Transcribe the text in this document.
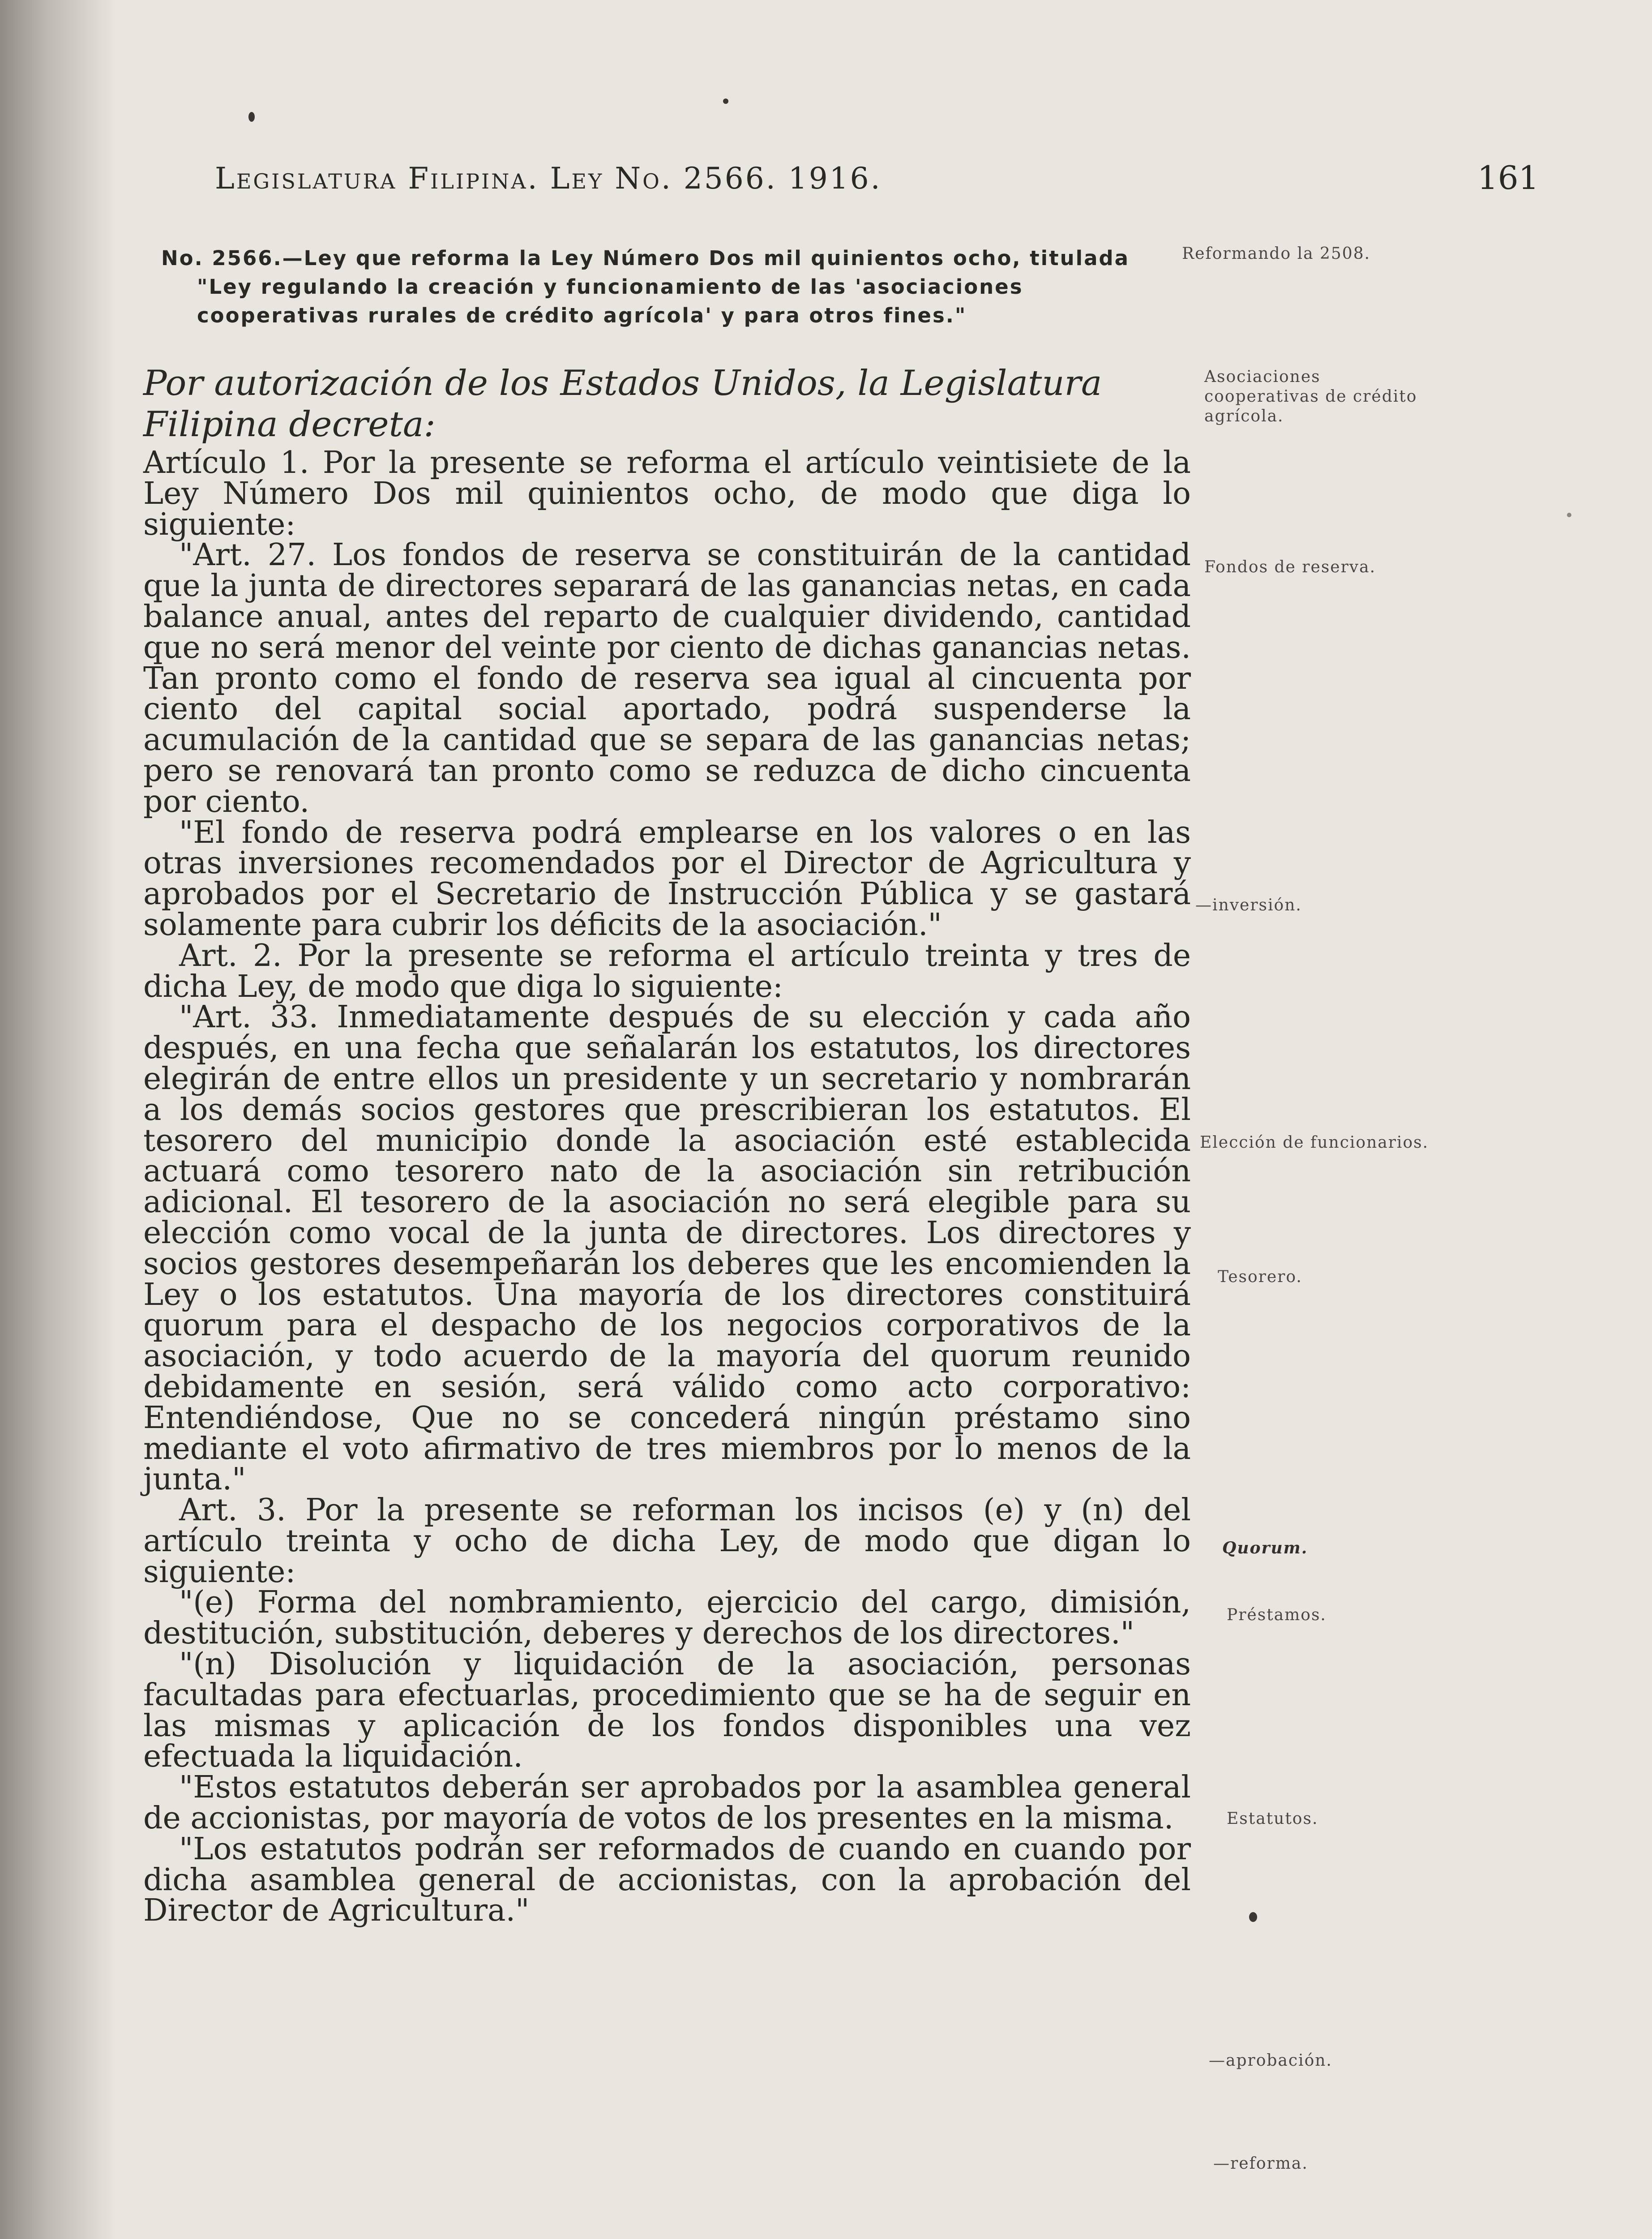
Legislatura Filipina. Ley No. 2566. 1916.	161
No. 2566.—Ley que reforma la Ley Número Dos mil quinientos ocho, titulada "Ley regulando la creación y funcionamiento de las 'asociaciones cooperativas rurales de crédito agrícola' y para otros fines."
Por autorización de los Estados Unidos, la Legislatura Filipina decreta:

Artículo 1. Por la presente se reforma el artículo veintisiete de la Ley Número Dos mil quinientos ocho, de modo que diga lo siguiente:

"Art. 27. Los fondos de reserva se constituirán de la cantidad que la junta de directores separará de las ganancias netas, en cada balance anual, antes del reparto de cualquier dividendo, cantidad que no será menor del veinte por ciento de dichas ganancias netas. Tan pronto como el fondo de reserva sea igual al cincuenta por ciento del capital social aportado, podrá suspenderse la acumulación de la cantidad que se separa de las ganancias netas; pero se renovará tan pronto como se reduzca de dicho cincuenta por ciento.

"El fondo de reserva podrá emplearse en los valores o en las otras inversiones recomendados por el Director de Agricultura y aprobados por el Secretario de Instrucción Pública y se gastará solamente para cubrir los déficits de la asociación."

Art. 2. Por la presente se reforma el artículo treinta y tres de dicha Ley, de modo que diga lo siguiente:

"Art. 33. Inmediatamente después de su elección y cada año después, en una fecha que señalarán los estatutos, los directores elegirán de entre ellos un presidente y un secretario y nombrarán a los demás socios gestores que prescribieran los estatutos. El tesorero del municipio donde la asociación esté establecida actuará como tesorero nato de la asociación sin retribución adicional. El tesorero de la asociación no será elegible para su elección como vocal de la junta de directores. Los directores y socios gestores desempeñarán los deberes que les encomienden la Ley o los estatutos. Una mayoría de los directores constituirá quorum para el despacho de los negocios corporativos de la asociación, y todo acuerdo de la mayoría del quorum reunido debidamente en sesión, será válido como acto corporativo: Entendiéndose, Que no se concederá ningún préstamo sino mediante el voto afirmativo de tres miembros por lo menos de la junta."

Art. 3. Por la presente se reforman los incisos (e) y (n) del artículo treinta y ocho de dicha Ley, de modo que digan lo siguiente:

"(e) Forma del nombramiento, ejercicio del cargo, dimisión, destitución, substitución, deberes y derechos de los directores."

"(n) Disolución y liquidación de la asociación, personas facultadas para efectuarlas, procedimiento que se ha de seguir en las mismas y aplicación de los fondos disponibles una vez efectuada la liquidación.

"Estos estatutos deberán ser aprobados por la asamblea general de accionistas, por mayoría de votos de los presentes en la misma.

"Los estatutos podrán ser reformados de cuando en cuando por dicha asamblea general de accionistas, con la aprobación del Director de Agricultura."

Reformando la 2508.
Asociaciones cooperativas de crédito agrícola.
Fondos de reserva.
—inversión.
Elección de funcionarios.
Tesorero.
Quorum.
Préstamos.
Estatutos.
—aprobación.
—reforma.
